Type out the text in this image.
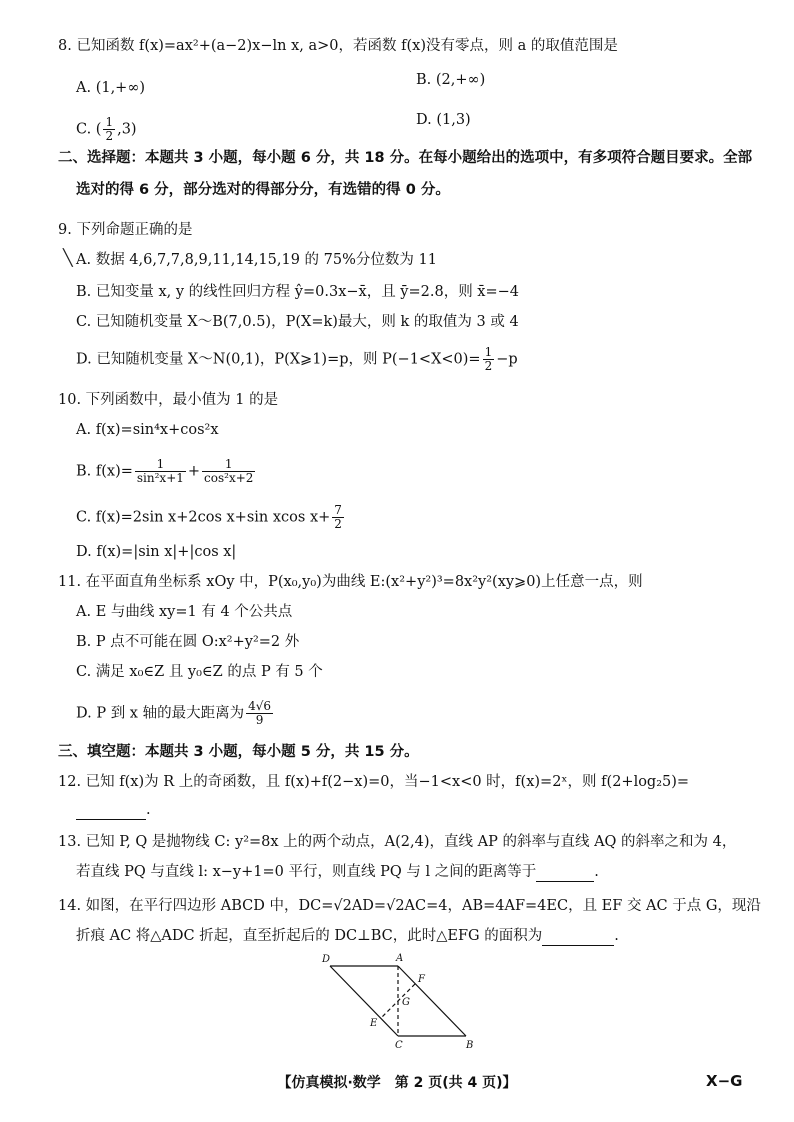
8. 已知函数 f(x)=ax²+(a−2)x−ln x, a>0，若函数 f(x)没有零点，则 a 的取值范围是
A. (1,+∞)	B. (2,+∞)
C. ( $\frac{1}{2} ,3$)
D. (1,3)
二、选择题：本题共 3 小题，每小题 6 分，共 18 分。在每小题给出的选项中，有多项符合题目要求。全部
选对的得 6 分，部分选对的得部分分，有选错的得 0 分。
9. 下列命题正确的是
╲ A. 数据 4,6,7,7,8,9,11,14,15,19 的 75%分位数为 11
B. 已知变量 x, y 的线性回归方程 ŷ=0.3x−x̄，且 ȳ=2.8，则 x̄=−4
C. 已知随机变量 X～B(7,0.5)，P(X=k)最大，则 k 的取值为 3 或 4
D. 已知随机变量 X～N(0,1)，P(X⩾1)=p，则 $P(-1<X<0)= \frac{1}{2} -p$
10. 下列函数中，最小值为 1 的是
A. f(x)=sin⁴x+cos²x
B. $f(x)= \frac{1}{\text{sin²x+1}} + \frac{1}{\text{cos²x+2}}$
C. f(x)=2sin x+2cos x+sin xcos $x+ \frac{7}{2}$
D. f(x)=|sin x|+|cos x|
11. 在平面直角坐标系 xOy 中，P(x₀,y₀)为曲线 E:(x²+y²)³=8x²y²(xy⩾0)上任意一点，则
A. E 与曲线 xy=1 有 4 个公共点
B. P 点不可能在圆 O:x²+y²=2 外
C. 满足 x₀∈Z 且 y₀∈Z 的点 P 有 5 个
D. P 到 x 轴的最大距离为 $\frac{4√6}{9}$
三、填空题：本题共 3 小题，每小题 5 分，共 15 分。
12. 已知 f(x)为 R 上的奇函数，且 f(x)+f(2−x)=0，当−1<x<0 时，f(x)=2ˣ，则 f(2+log₂5)=
.
13. 已知 P, Q 是抛物线 C: y²=8x 上的两个动点，A(2,4)，直线 AP 的斜率与直线 AQ 的斜率之和为 4，
若直线 PQ 与直线 l: x−y+1=0 平行，则直线 PQ 与 l 之间的距离等于	.
14. 如图，在平行四边形 ABCD 中，DC=√2AD=√2AC=4，AB=4AF=4EC，且 EF 交 AC 于点 G，现沿
折痕 AC 将△ADC 折起，直至折起后的 DC⊥BC，此时△EFG 的面积为	.
D	A
F
G
E
C	B
【仿真模拟·数学　第 2 页(共 4 页)】	X−G
